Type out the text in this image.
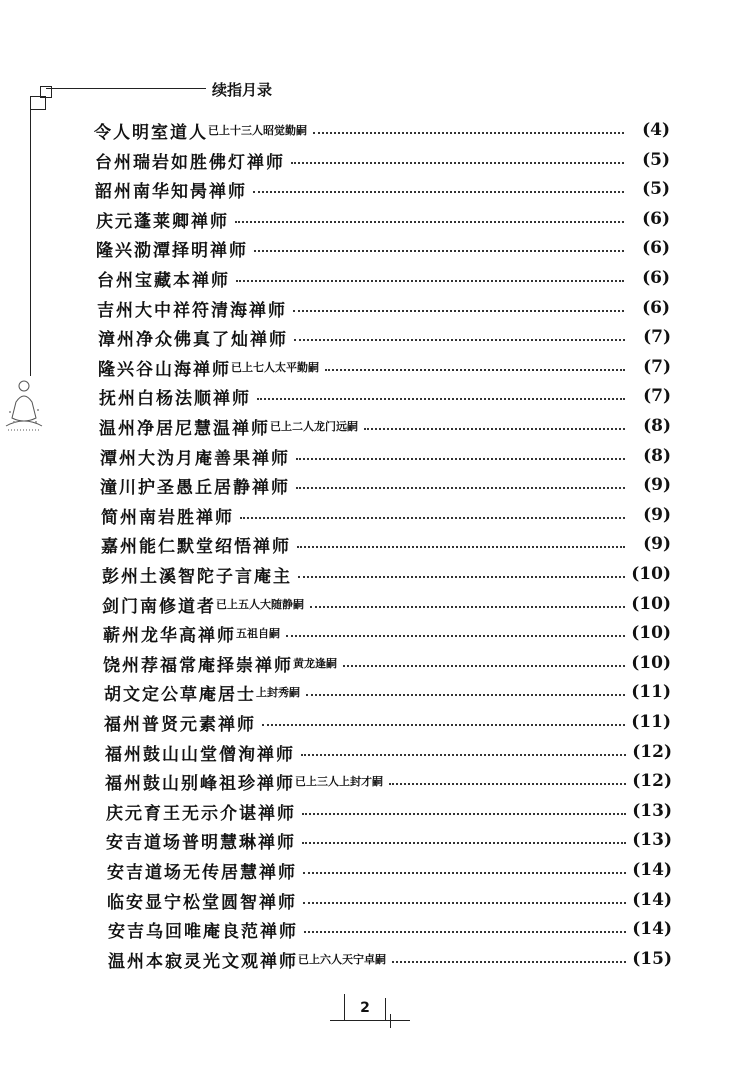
续指月录
令人明室道人 已上十三人昭觉勤嗣	(4)
台州瑞岩如胜佛灯禅师	(5)
韶州南华知昺禅师	(5)
庆元蓬莱卿禅师	(6)
隆兴泐潭择明禅师	(6)
台州宝藏本禅师	(6)
吉州大中祥符清海禅师	(6)
漳州净众佛真了灿禅师	(7)
隆兴谷山海禅师 已上七人太平勤嗣	(7)
抚州白杨法顺禅师	(7)
温州净居尼慧温禅师 已上二人龙门远嗣	(8)
潭州大沩月庵善果禅师	(8)
潼川护圣愚丘居静禅师	(9)
简州南岩胜禅师	(9)
嘉州能仁默堂绍悟禅师	(9)
彭州土溪智陀子言庵主	(10)
剑门南修道者 已上五人大随静嗣	(10)
蕲州龙华高禅师 五祖自嗣	(10)
饶州荐福常庵择崇禅师 黄龙逢嗣	(10)
胡文定公草庵居士 上封秀嗣	(11)
福州普贤元素禅师	(11)
福州鼓山山堂僧洵禅师	(12)
福州鼓山别峰祖珍禅师 已上三人上封才嗣	(12)
庆元育王无示介谌禅师	(13)
安吉道场普明慧琳禅师	(13)
安吉道场无传居慧禅师	(14)
临安显宁松堂圆智禅师	(14)
安吉乌回唯庵良范禅师	(14)
温州本寂灵光文观禅师 已上六人天宁卓嗣	(15)
2
